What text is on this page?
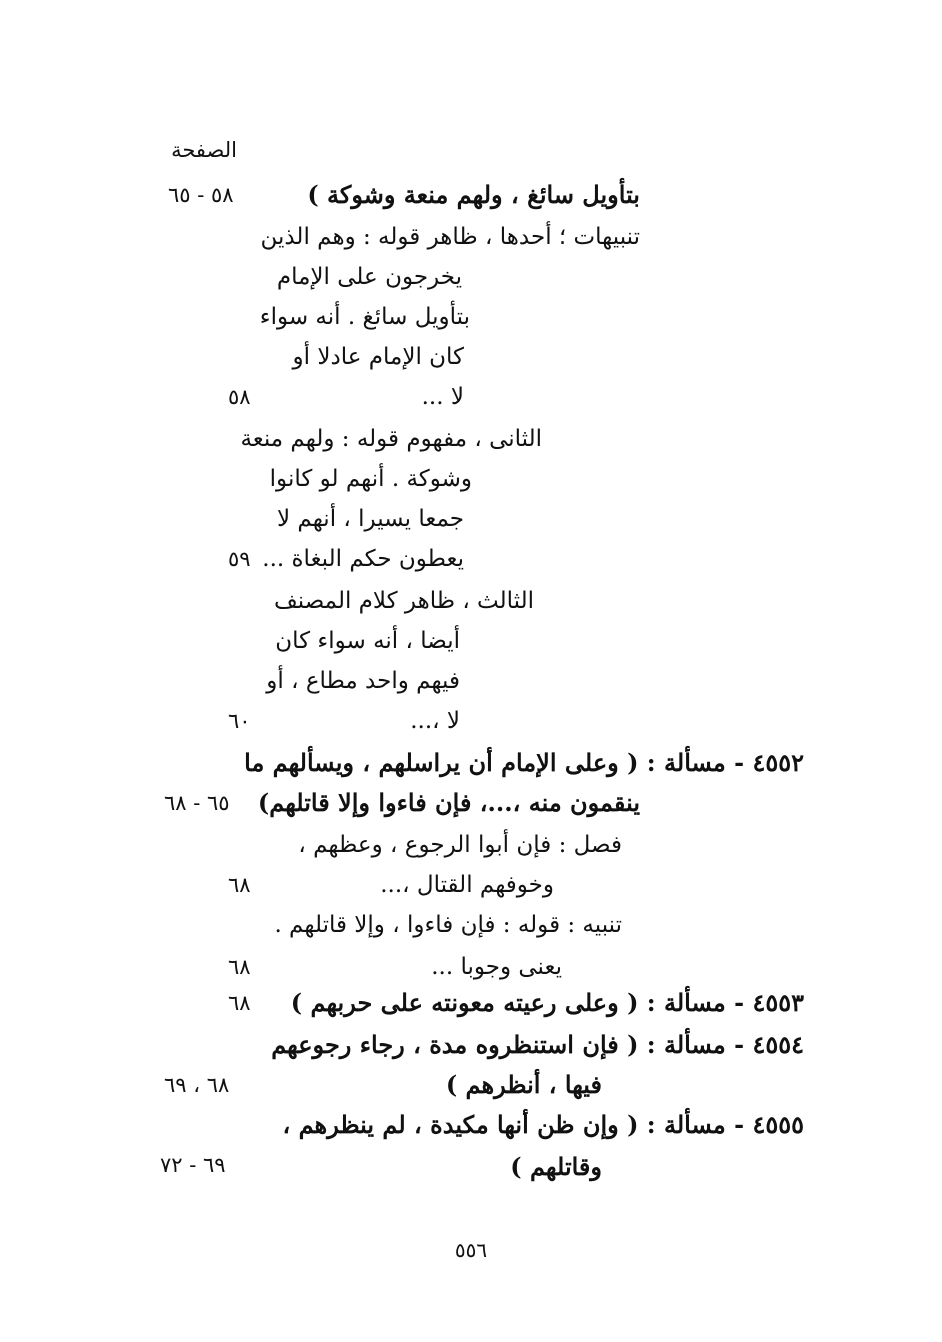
الصفحة
بتأويل سائغ ، ولهم منعة وشوكة )
٥٨ - ٦٥
تنبيهات ؛ أحدها ، ظاهر قوله : وهم الذين
يخرجون على الإمام
بتأويل سائغ . أنه سواء
كان الإمام عادلا أو
لا ...
٥٨
الثانى ، مفهوم قوله : ولهم منعة
وشوكة . أنهم لو كانوا
جمعا يسيرا ، أنهم لا
يعطون حكم البغاة ...
٥٩
الثالث ، ظاهر كلام المصنف
أيضا ، أنه سواء كان
فيهم واحد مطاع ، أو
لا ،...
٦٠
٤٥٥٢ - مسألة : ( وعلى الإمام أن يراسلهم ، ويسألهم ما
ينقمون منه ،...، فإن فاءوا وإلا قاتلهم)
٦٥ - ٦٨
فصل : فإن أبوا الرجوع ، وعظهم ،
وخوفهم القتال ،...
٦٨
تنبيه : قوله : فإن فاءوا ، وإلا قاتلهم .
يعنى وجوبا ...
٦٨
٤٥٥٣ - مسألة : ( وعلى رعيته معونته على حربهم )
٦٨
٤٥٥٤ - مسألة : ( فإن استنظروه مدة ، رجاء رجوعهم
فيها ، أنظرهم )
٦٨ ، ٦٩
٤٥٥٥ - مسألة : ( وإن ظن أنها مكيدة ، لم ينظرهم ،
وقاتلهم )
٦٩ - ٧٢
٥٥٦
